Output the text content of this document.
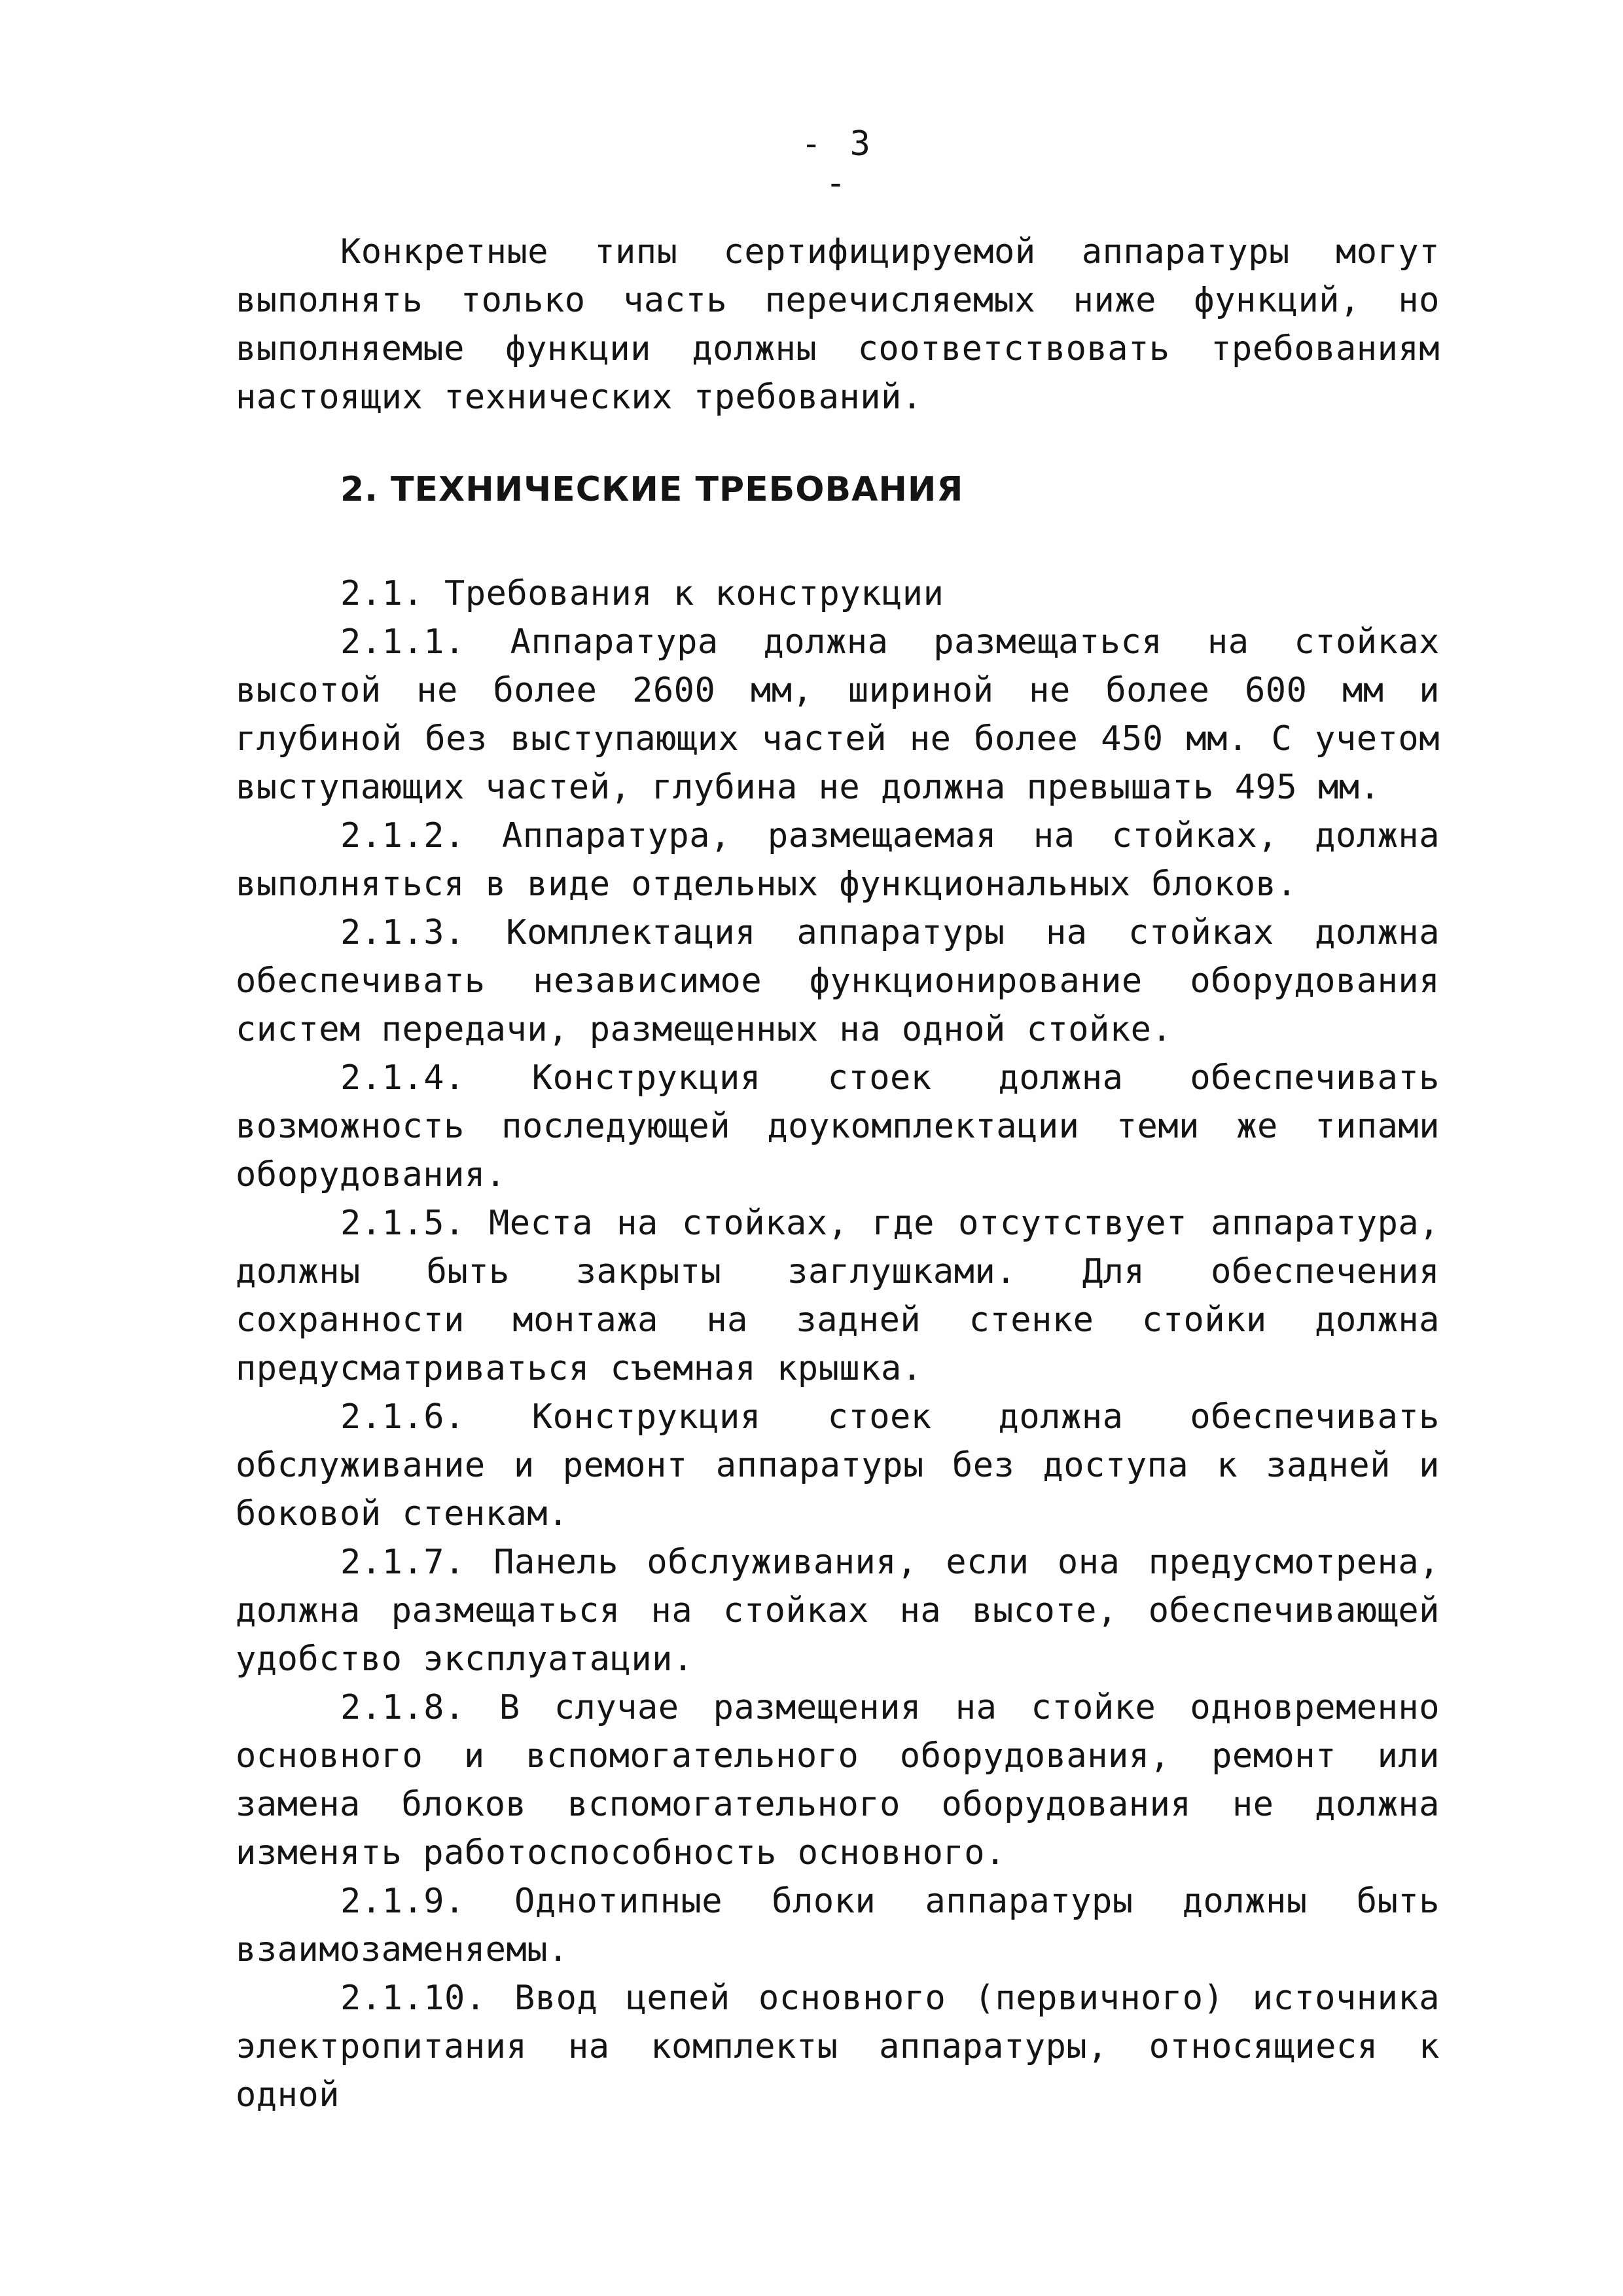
- 3 -

Конкретные типы сертифицируемой аппаратуры могут выполнять только часть перечисляемых ниже функций, но выполняемые функции должны соответствовать требованиям настоящих технических требований.

2. ТЕХНИЧЕСКИЕ ТРЕБОВАНИЯ

2.1. Требования к конструкции

2.1.1. Аппаратура должна размещаться на стойках высотой не более 2600 мм, шириной не более 600 мм и глубиной без выступающих частей не более 450 мм. С учетом выступающих частей, глубина не должна превышать 495 мм.

2.1.2. Аппаратура, размещаемая на стойках, должна выполняться в виде отдельных функциональных блоков.

2.1.3. Комплектация аппаратуры на стойках должна обеспечивать независимое функционирование оборудования систем передачи, размещенных на одной стойке.

2.1.4. Конструкция стоек должна обеспечивать возможность последующей доукомплектации теми же типами оборудования.

2.1.5. Места на стойках, где отсутствует аппаратура, должны быть закрыты заглушками. Для обеспечения сохранности монтажа на задней стенке стойки должна предусматриваться съемная крышка.

2.1.6. Конструкция стоек должна обеспечивать обслуживание и ремонт аппаратуры без доступа к задней и боковой стенкам.

2.1.7. Панель обслуживания, если она предусмотрена, должна размещаться на стойках на высоте, обеспечивающей удобство эксплуатации.

2.1.8. В случае размещения на стойке одновременно основного и вспомогательного оборудования, ремонт или замена блоков вспомогательного оборудования не должна изменять работоспособность основного.

2.1.9. Однотипные блоки аппаратуры должны быть взаимозаменяемы.

2.1.10. Ввод цепей основного (первичного) источника электропитания на комплекты аппаратуры, относящиеся к одной
